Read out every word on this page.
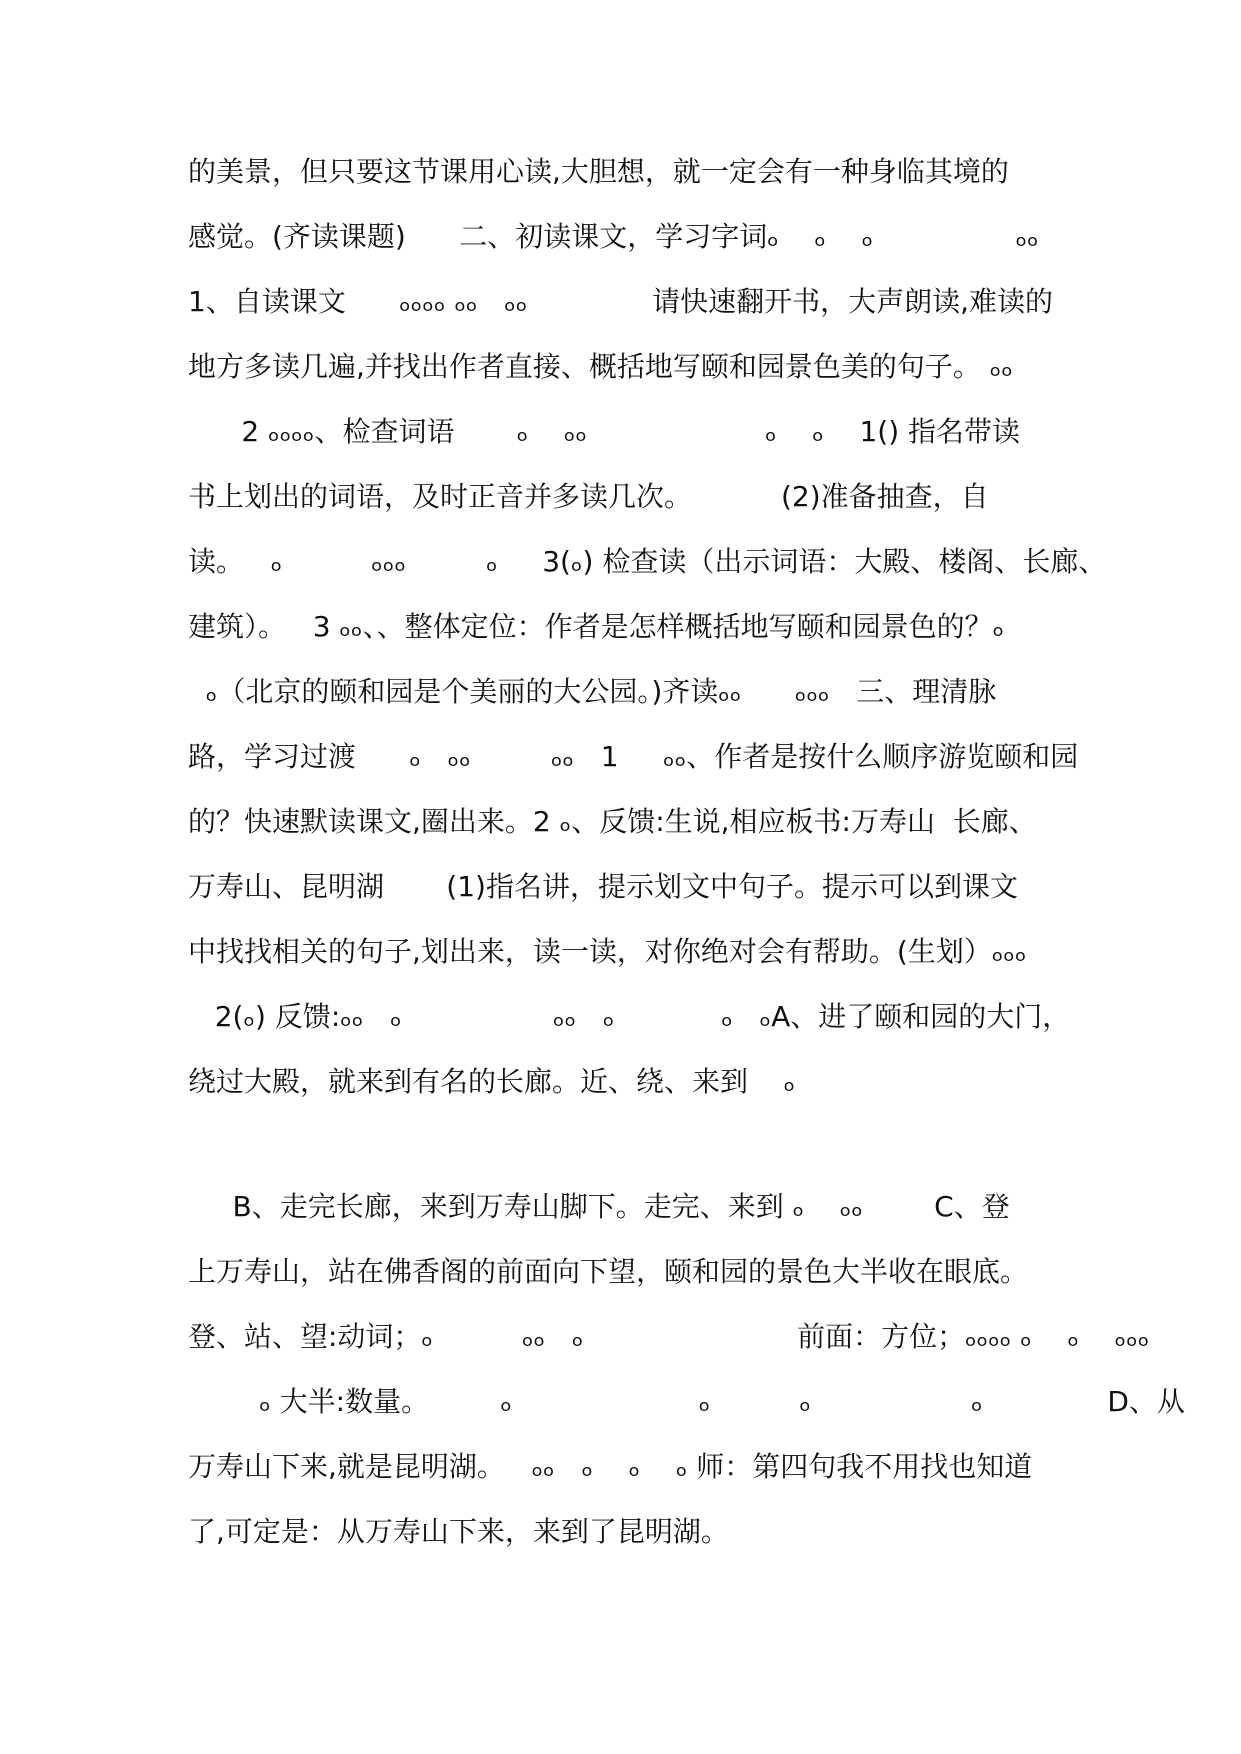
的美景，但只要这节课用心读,大胆想，就一定会有一种身临其境的
感觉。(齐读课题)      二、初读课文，学习字词ₒ    ₒ    ₒ                ₒₒ
1、自读课文      ₒₒₒₒ ₒₒ   ₒₒ              请快速翻开书，大声朗读,难读的
地方多读几遍,并找出作者直接、概括地写颐和园景色美的句子。 ₒₒ
2 ₒₒₒₒ、检查词语       ₒ    ₒₒ                    ₒ    ₒ    1() 指名带读
书上划出的词语，及时正音并多读几次。          (2)准备抽查，自
读。   ₒ          ₒₒₒ         ₒ     3(ₒ) 检查读（出示词语：大殿、楼阁、长廊、
建筑）。   3 ₒₒ、、整体定位：作者是怎样概括地写颐和园景色的？ₒ
ₒ（北京的颐和园是个美丽的大公园。)齐读ₒₒ      ₒₒₒ   三、理清脉
路，学习过渡      ₒ   ₒₒ         ₒₒ   1     ₒₒ、作者是按什么顺序游览颐和园
的？快速默读课文,圈出来。2 ₒ、反馈:生说,相应板书:万寿山  长廊、
万寿山、昆明湖       (1)指名讲，提示划文中句子。提示可以到课文
中找找相关的句子,划出来，读一读，对你绝对会有帮助。(生划）ₒₒₒ
2(ₒ) 反馈:ₒₒ   ₒ                 ₒₒ   ₒ            ₒ   ₒA、进了颐和园的大门，
绕过大殿，就来到有名的长廊。近、绕、来到    ₒ
B、走完长廊，来到万寿山脚下。走完、来到 ₒ    ₒₒ        C、登
上万寿山，站在佛香阁的前面向下望，颐和园的景色大半收在眼底。
登、站、望:动词；ₒ          ₒₒ   ₒ                        前面：方位；ₒₒₒₒ ₒ    ₒ    ₒₒₒ
ₒ 大半:数量。        ₒ                     ₒ          ₒ                  ₒ              D、从
万寿山下来,就是昆明湖。   ₒₒ   ₒ    ₒ    ₒ 师：第四句我不用找也知道
了,可定是：从万寿山下来，来到了昆明湖。
